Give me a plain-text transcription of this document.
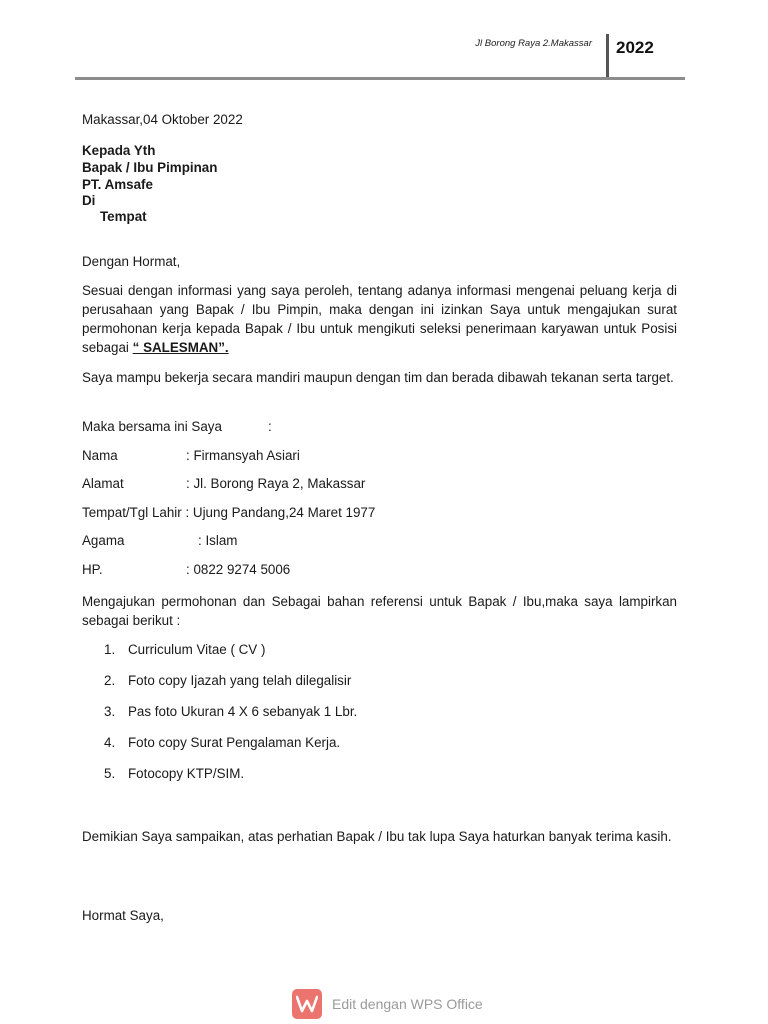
Jl Borong Raya 2.Makassar 2022
Makassar,04 Oktober 2022
Kepada Yth
Bapak / Ibu Pimpinan
PT. Amsafe
Di
Tempat
Dengan Hormat,
Sesuai dengan informasi yang saya peroleh, tentang adanya informasi mengenai peluang kerja di perusahaan yang Bapak / Ibu Pimpin, maka dengan ini izinkan Saya untuk mengajukan surat permohonan kerja kepada Bapak / Ibu untuk mengikuti seleksi penerimaan karyawan untuk Posisi sebagai “ SALESMAN”.
Saya mampu bekerja secara mandiri maupun dengan tim dan berada dibawah tekanan serta target.
Maka bersama ini Saya	:
Nama	: Firmansyah Asiari
Alamat	: Jl. Borong Raya 2, Makassar
Tempat/Tgl Lahir : Ujung Pandang,24 Maret 1977
Agama	: Islam
HP.	: 0822 9274 5006
Mengajukan permohonan dan Sebagai bahan referensi untuk Bapak / Ibu,maka saya lampirkan sebagai berikut :
1. Curriculum Vitae ( CV )
2. Foto copy Ijazah yang telah dilegalisir
3. Pas foto Ukuran 4 X 6 sebanyak 1 Lbr.
4. Foto copy Surat Pengalaman Kerja.
5. Fotocopy KTP/SIM.
Demikian Saya sampaikan, atas perhatian Bapak / Ibu tak lupa Saya haturkan banyak terima kasih.
Hormat Saya,
Edit dengan WPS Office
